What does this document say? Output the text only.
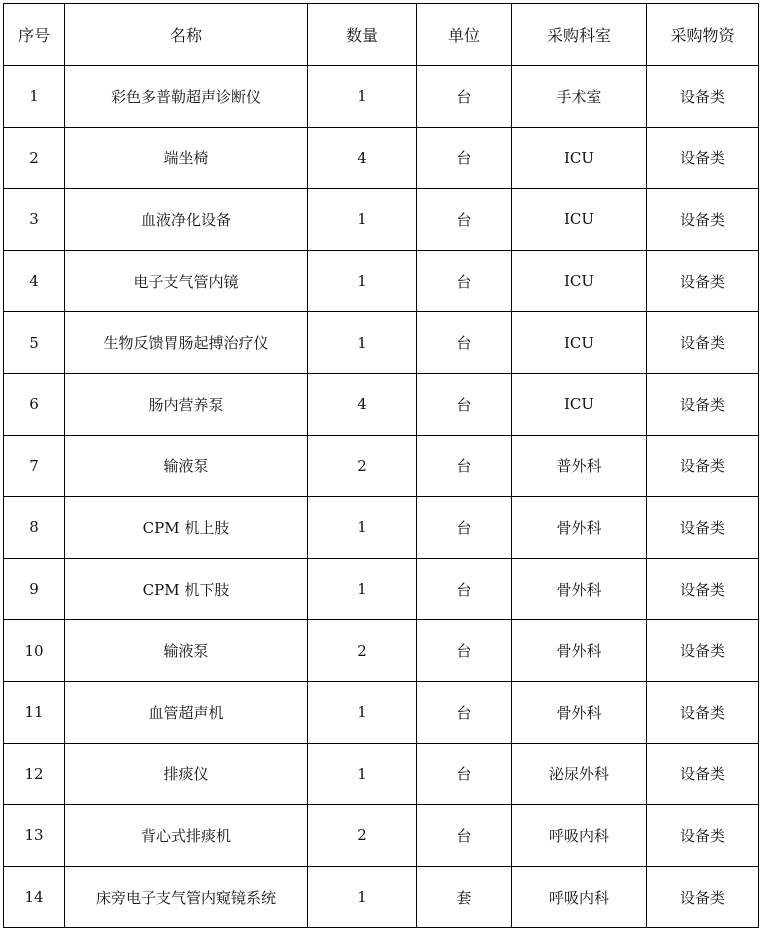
序号	名称	数量	单位	采购科室	采购物资
1	彩色多普勒超声诊断仪	1	台	手术室	设备类
2	端坐椅	4	台	ICU	设备类
3	血液净化设备	1	台	ICU	设备类
4	电子支气管内镜	1	台	ICU	设备类
5	生物反馈胃肠起搏治疗仪	1	台	ICU	设备类
6	肠内营养泵	4	台	ICU	设备类
7	输液泵	2	台	普外科	设备类
8	CPM 机上肢	1	台	骨外科	设备类
9	CPM 机下肢	1	台	骨外科	设备类
10	输液泵	2	台	骨外科	设备类
11	血管超声机	1	台	骨外科	设备类
12	排痰仪	1	台	泌尿外科	设备类
13	背心式排痰机	2	台	呼吸内科	设备类
14	床旁电子支气管内窥镜系统	1	套	呼吸内科	设备类
